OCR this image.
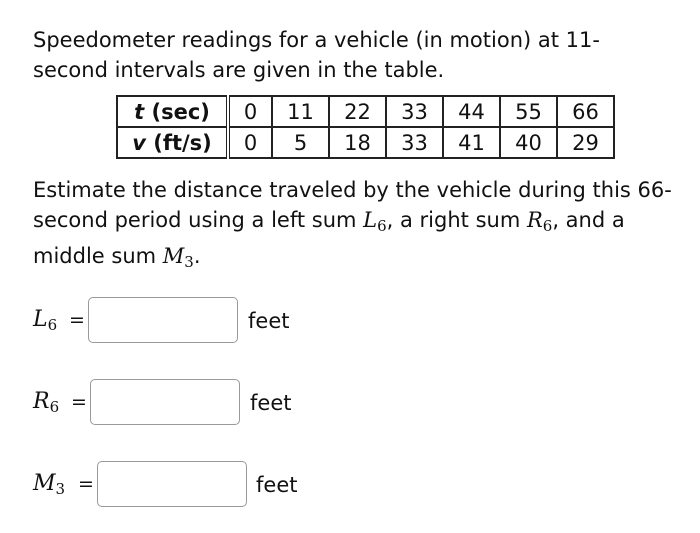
Speedometer readings for a vehicle (in motion) at 11-second intervals are given in the table.

t (sec)	0	11	22	33	44	55	66
v (ft/s)	0	5	18	33	41	40	29

Estimate the distance traveled by the vehicle during this 66-second period using a left sum $L_6$, a right sum $R_6$, and a middle sum $M_3$.

$L_6$ =	feet
$R_6$ =	feet
$M_3$ =	feet
